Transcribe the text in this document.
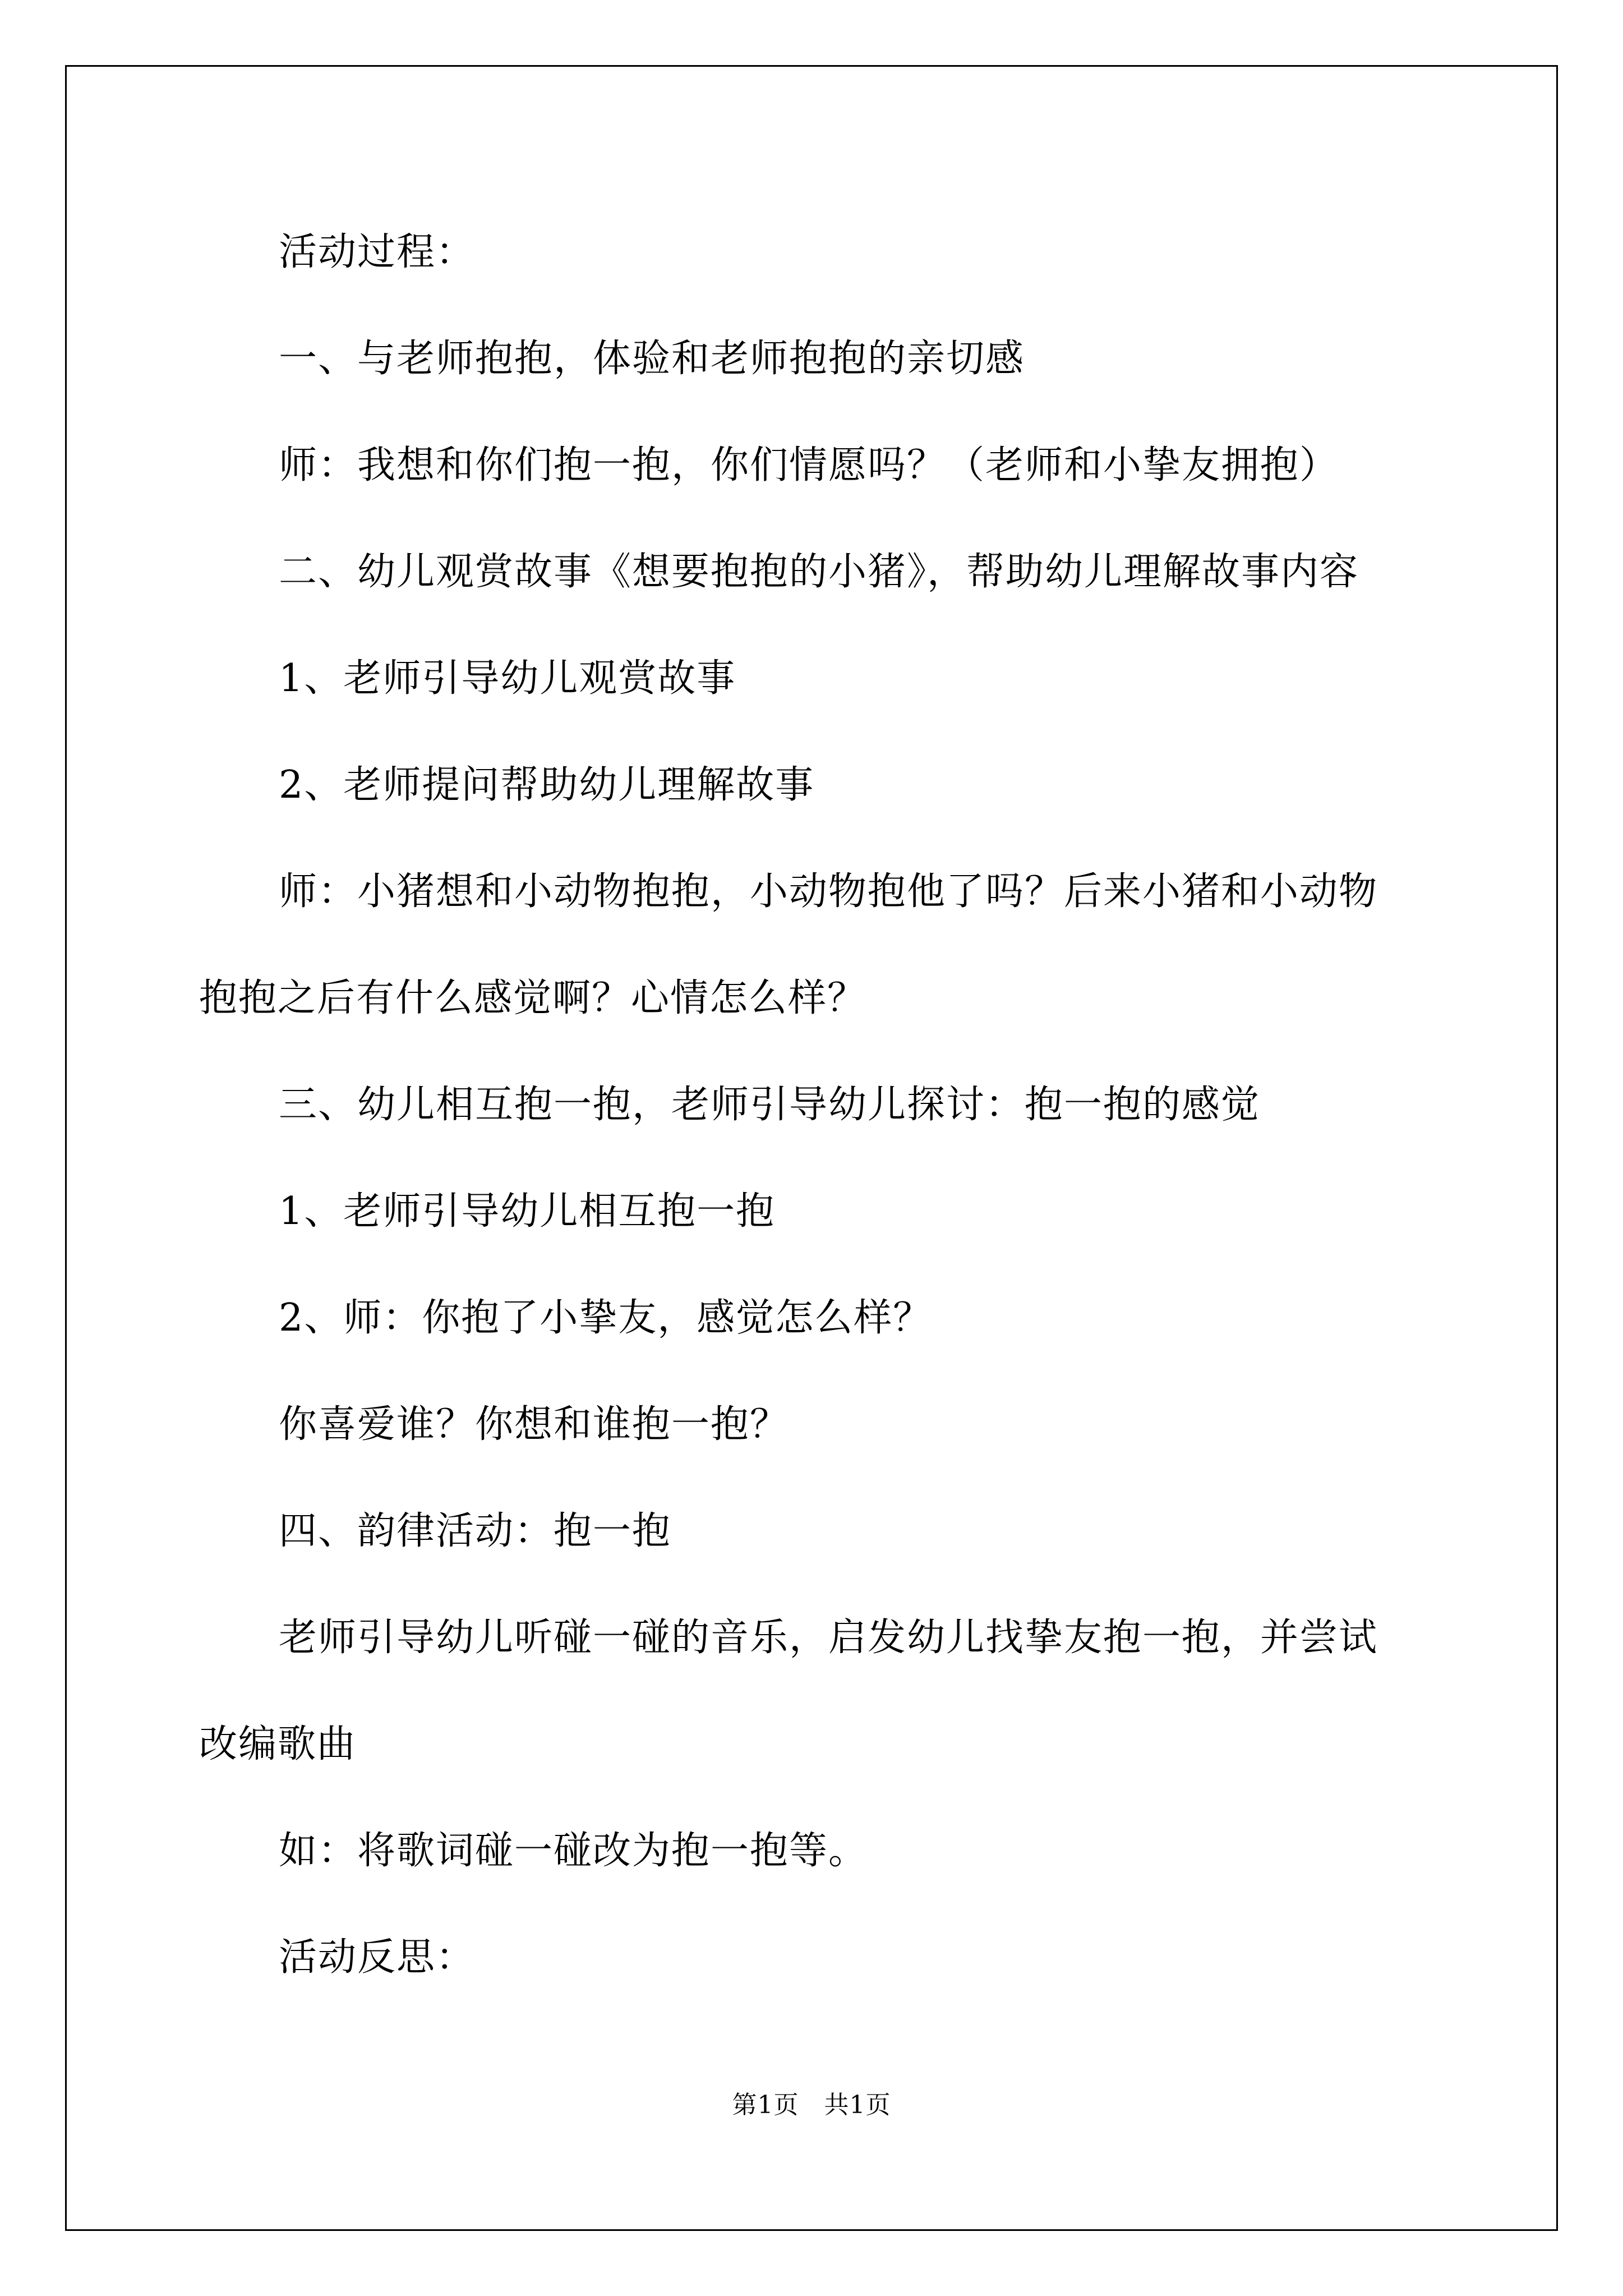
活动过程：
一、与老师抱抱，体验和老师抱抱的亲切感
师：我想和你们抱一抱，你们情愿吗？（老师和小挚友拥抱）
二、幼儿观赏故事《想要抱抱的小猪》，帮助幼儿理解故事内容
1、老师引导幼儿观赏故事
2、老师提问帮助幼儿理解故事
师：小猪想和小动物抱抱，小动物抱他了吗？后来小猪和小动物
抱抱之后有什么感觉啊？心情怎么样？
三、幼儿相互抱一抱，老师引导幼儿探讨：抱一抱的感觉
1、老师引导幼儿相互抱一抱
2、师：你抱了小挚友，感觉怎么样？
你喜爱谁？你想和谁抱一抱？
四、韵律活动：抱一抱
老师引导幼儿听碰一碰的音乐，启发幼儿找挚友抱一抱，并尝试
改编歌曲
如：将歌词碰一碰改为抱一抱等。
活动反思：
第1页　共1页
